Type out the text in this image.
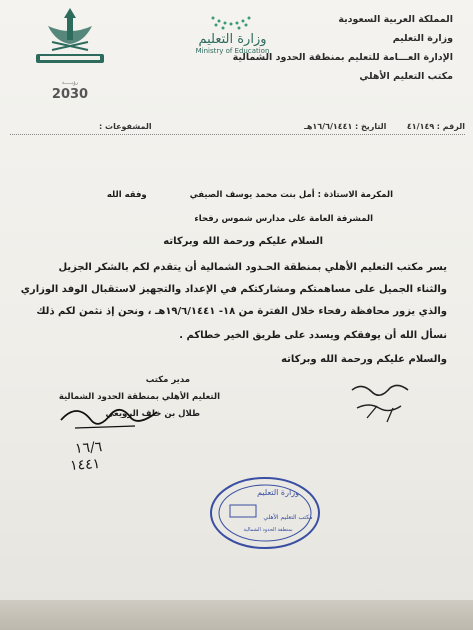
رؤيـــــة
2030
وزارة التعليم
Ministry of Education
المملكة العربية السعودية
وزارة التعليم
الإدارة العـــامة للتعليم بمنطقة الحدود الشمالية
مكتب التعليم الأهلي
الرقم : ٤١/١٤٩ التاريخ : ١٦/٦/١٤٤١هـ المشفوعات :
المكرمة الاستاذة : أمل بنت محمد يوسف الصيفي وفقه الله
المشرفة العامة على مدارس شموس رفحاء
السلام عليكم ورحمة الله وبركاته
يسر مكتب التعليم الأهلي بمنطقة الحـدود الشمالية أن يتقدم لكم بالشكر الجزيل
والثناء الجميل على مساهمتكم ومشاركتكم في الإعداد والتجهيز لاستقبال الوفد الوزاري
والذي يزور محافظة رفحاء خلال الفترة من ١٨- ١٩/٦/١٤٤١هـ ، ونحن إذ نثمن لكم ذلك
نسأل الله أن يوفقكم ويسدد على طريق الخير خطاكم .
والسلام عليكم ورحمة الله وبركاته
مدير مكتب
التعليم الأهلي بمنطقة الحدود الشمالية
طلال بن خلف الرويعي
١٦/٦
١٤٤١
وزارة التعليم
مكتب التعليم الأهلي
بمنطقة الحدود الشمالية
